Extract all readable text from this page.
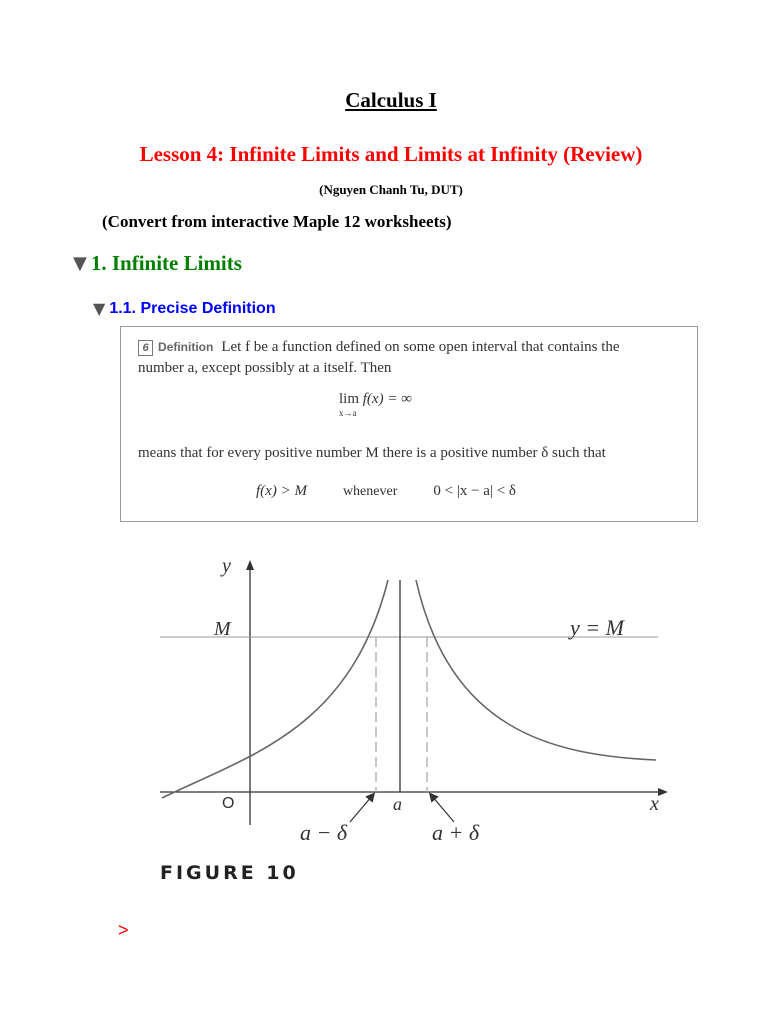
Calculus I
Lesson 4: Infinite Limits and Limits at Infinity (Review)
(Nguyen Chanh Tu, DUT)
(Convert from interactive Maple 12 worksheets)
▼ 1. Infinite Limits
▼ 1.1. Precise Definition
6 Definition Let f be a function defined on some open interval that contains the
number a, except possibly at a itself. Then
lim
x→a
f(x) = ∞
means that for every positive number M there is a positive number δ such that
f(x) > M	whenever 0 < |x − a| < δ
y
x
O
M	y = M
a
a − δ	a + δ
FIGURE 10
>
